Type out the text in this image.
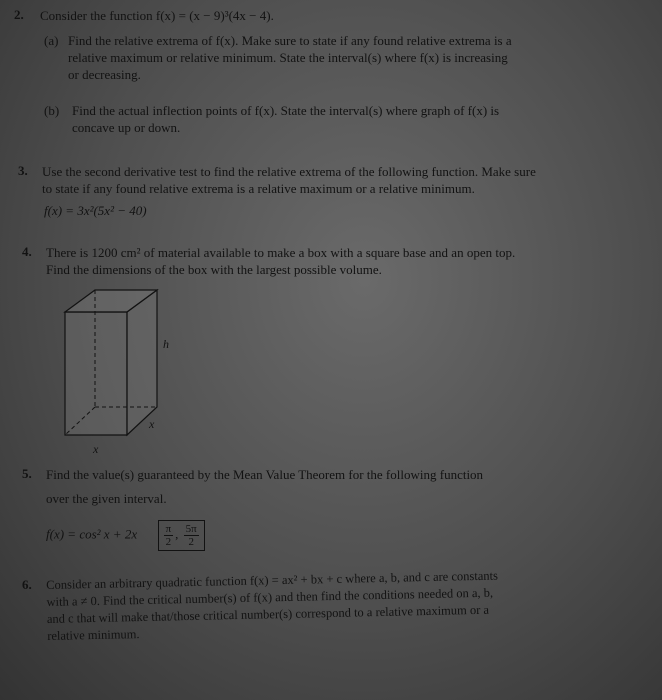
2. Consider the function f(x) = (x − 9)³(4x − 4).
(a) Find the relative extrema of f(x). Make sure to state if any found relative extrema is a
relative maximum or relative minimum. State the interval(s) where f(x) is increasing
or decreasing.
(b) Find the actual inflection points of f(x). State the interval(s) where graph of f(x) is
concave up or down.
3. Use the second derivative test to find the relative extrema of the following function. Make sure
to state if any found relative extrema is a relative maximum or a relative minimum.
f(x) = 3x²(5x² − 40)
4. There is 1200 cm² of material available to make a box with a square base and an open top.
Find the dimensions of the box with the largest possible volume.
h
x
x
5. Find the value(s) guaranteed by the Mean Value Theorem for the following function
over the given interval.
f(x) = cos² $x + 2x \frac{\pi}{2}$ , $\frac{5\pi}{2}$
6. Consider an arbitrary quadratic function f(x) = ax² + bx + c where a, b, and c are constants
with a ≠ 0. Find the critical number(s) of f(x) and then find the conditions needed on a, b,
and c that will make that/those critical number(s) correspond to a relative maximum or a
relative minimum.
